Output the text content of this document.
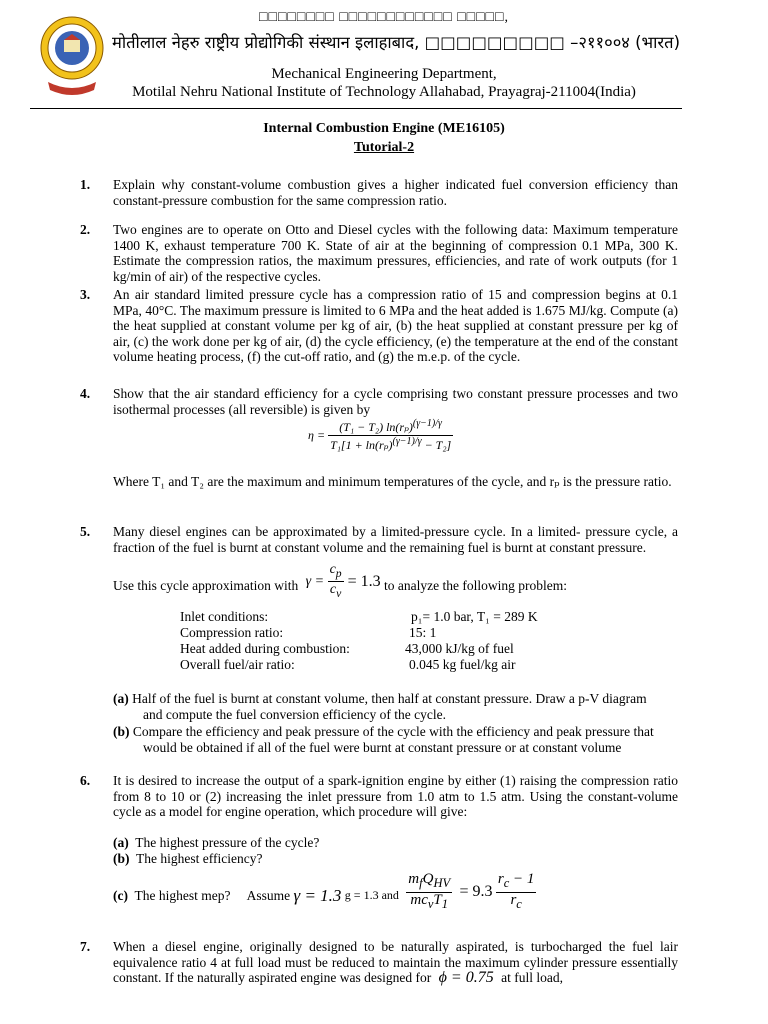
□□□□□□□□ □□□□□□□□□□□□ □□□□□,
मोतीलाल नेहरु राष्ट्रीय प्रोद्योगिकी संस्थान इलाहाबाद, □□□□□□□□□ –२११००४ (भारत)
Mechanical Engineering Department,
Motilal Nehru National Institute of Technology Allahabad, Prayagraj-211004(India)
Internal Combustion Engine (ME16105)
Tutorial-2
1. Explain why constant-volume combustion gives a higher indicated fuel conversion efficiency than constant-pressure combustion for the same compression ratio.
2. Two engines are to operate on Otto and Diesel cycles with the following data: Maximum temperature 1400 K, exhaust temperature 700 K. State of air at the beginning of compression 0.1 MPa, 300 K. Estimate the compression ratios, the maximum pressures, efficiencies, and rate of work outputs (for 1 kg/min of air) of the respective cycles.
3. An air standard limited pressure cycle has a compression ratio of 15 and compression begins at 0.1 MPa, 40°C. The maximum pressure is limited to 6 MPa and the heat added is 1.675 MJ/kg. Compute (a) the heat supplied at constant volume per kg of air, (b) the heat supplied at constant pressure per kg of air, (c) the work done per kg of air, (d) the cycle efficiency, (e) the temperature at the end of the constant volume heating process, (f) the cut-off ratio, and (g) the m.e.p. of the cycle.
4. Show that the air standard efficiency for a cycle comprising two constant pressure processes and two isothermal processes (all reversible) is given by
$\eta = \frac{(T_1 - T_2) \ln(r_p)^{(\gamma-1)/\gamma}}{T_1[1 + \ln(r_p)^{(\gamma-1)/\gamma} - T_2]}$
Where T₁ and T₂ are the maximum and minimum temperatures of the cycle, and rₚ is the pressure ratio.
5. Many diesel engines can be approximated by a limited-pressure cycle. In a limited- pressure cycle, a fraction of the fuel is burnt at constant volume and the remaining fuel is burnt at constant pressure.
Use this cycle approximation with $\gamma = \frac{c_p}{c_v} = 1.3$ to analyze the following problem:
Inlet conditions:
Compression ratio:
Heat added during combustion:
Overall fuel/air ratio:
p₁= 1.0 bar, T₁ = 289 K
15: 1
43,000 kJ/kg of fuel
0.045 kg fuel/kg air
(a) Half of the fuel is burnt at constant volume, then half at constant pressure. Draw a p-V diagram
and compute the fuel conversion efficiency of the cycle.
(b) Compare the efficiency and peak pressure of the cycle with the efficiency and peak pressure that
would be obtained if all of the fuel were burnt at constant pressure or at constant volume
6. It is desired to increase the output of a spark-ignition engine by either (1) raising the compression ratio from 8 to 10 or (2) increasing the inlet pressure from 1.0 atm to 1.5 atm. Using the constant-volume cycle as a model for engine operation, which procedure will give:
(a) The highest pressure of the cycle?
(b) The highest efficiency?
(c) The highest mep? Assume γ = 1.3 g = 1.3 and $\frac{m_fQ_{HV}}{mc_vT_1} = 9.3 \frac{r_c - 1}{r_c}$
7. When a diesel engine, originally designed to be naturally aspirated, is turbocharged the fuel lair equivalence ratio 4 at full load must be reduced to maintain the maximum cylinder pressure essentially constant. If the naturally aspirated engine was designed for  ϕ = 0.75  at full load,
